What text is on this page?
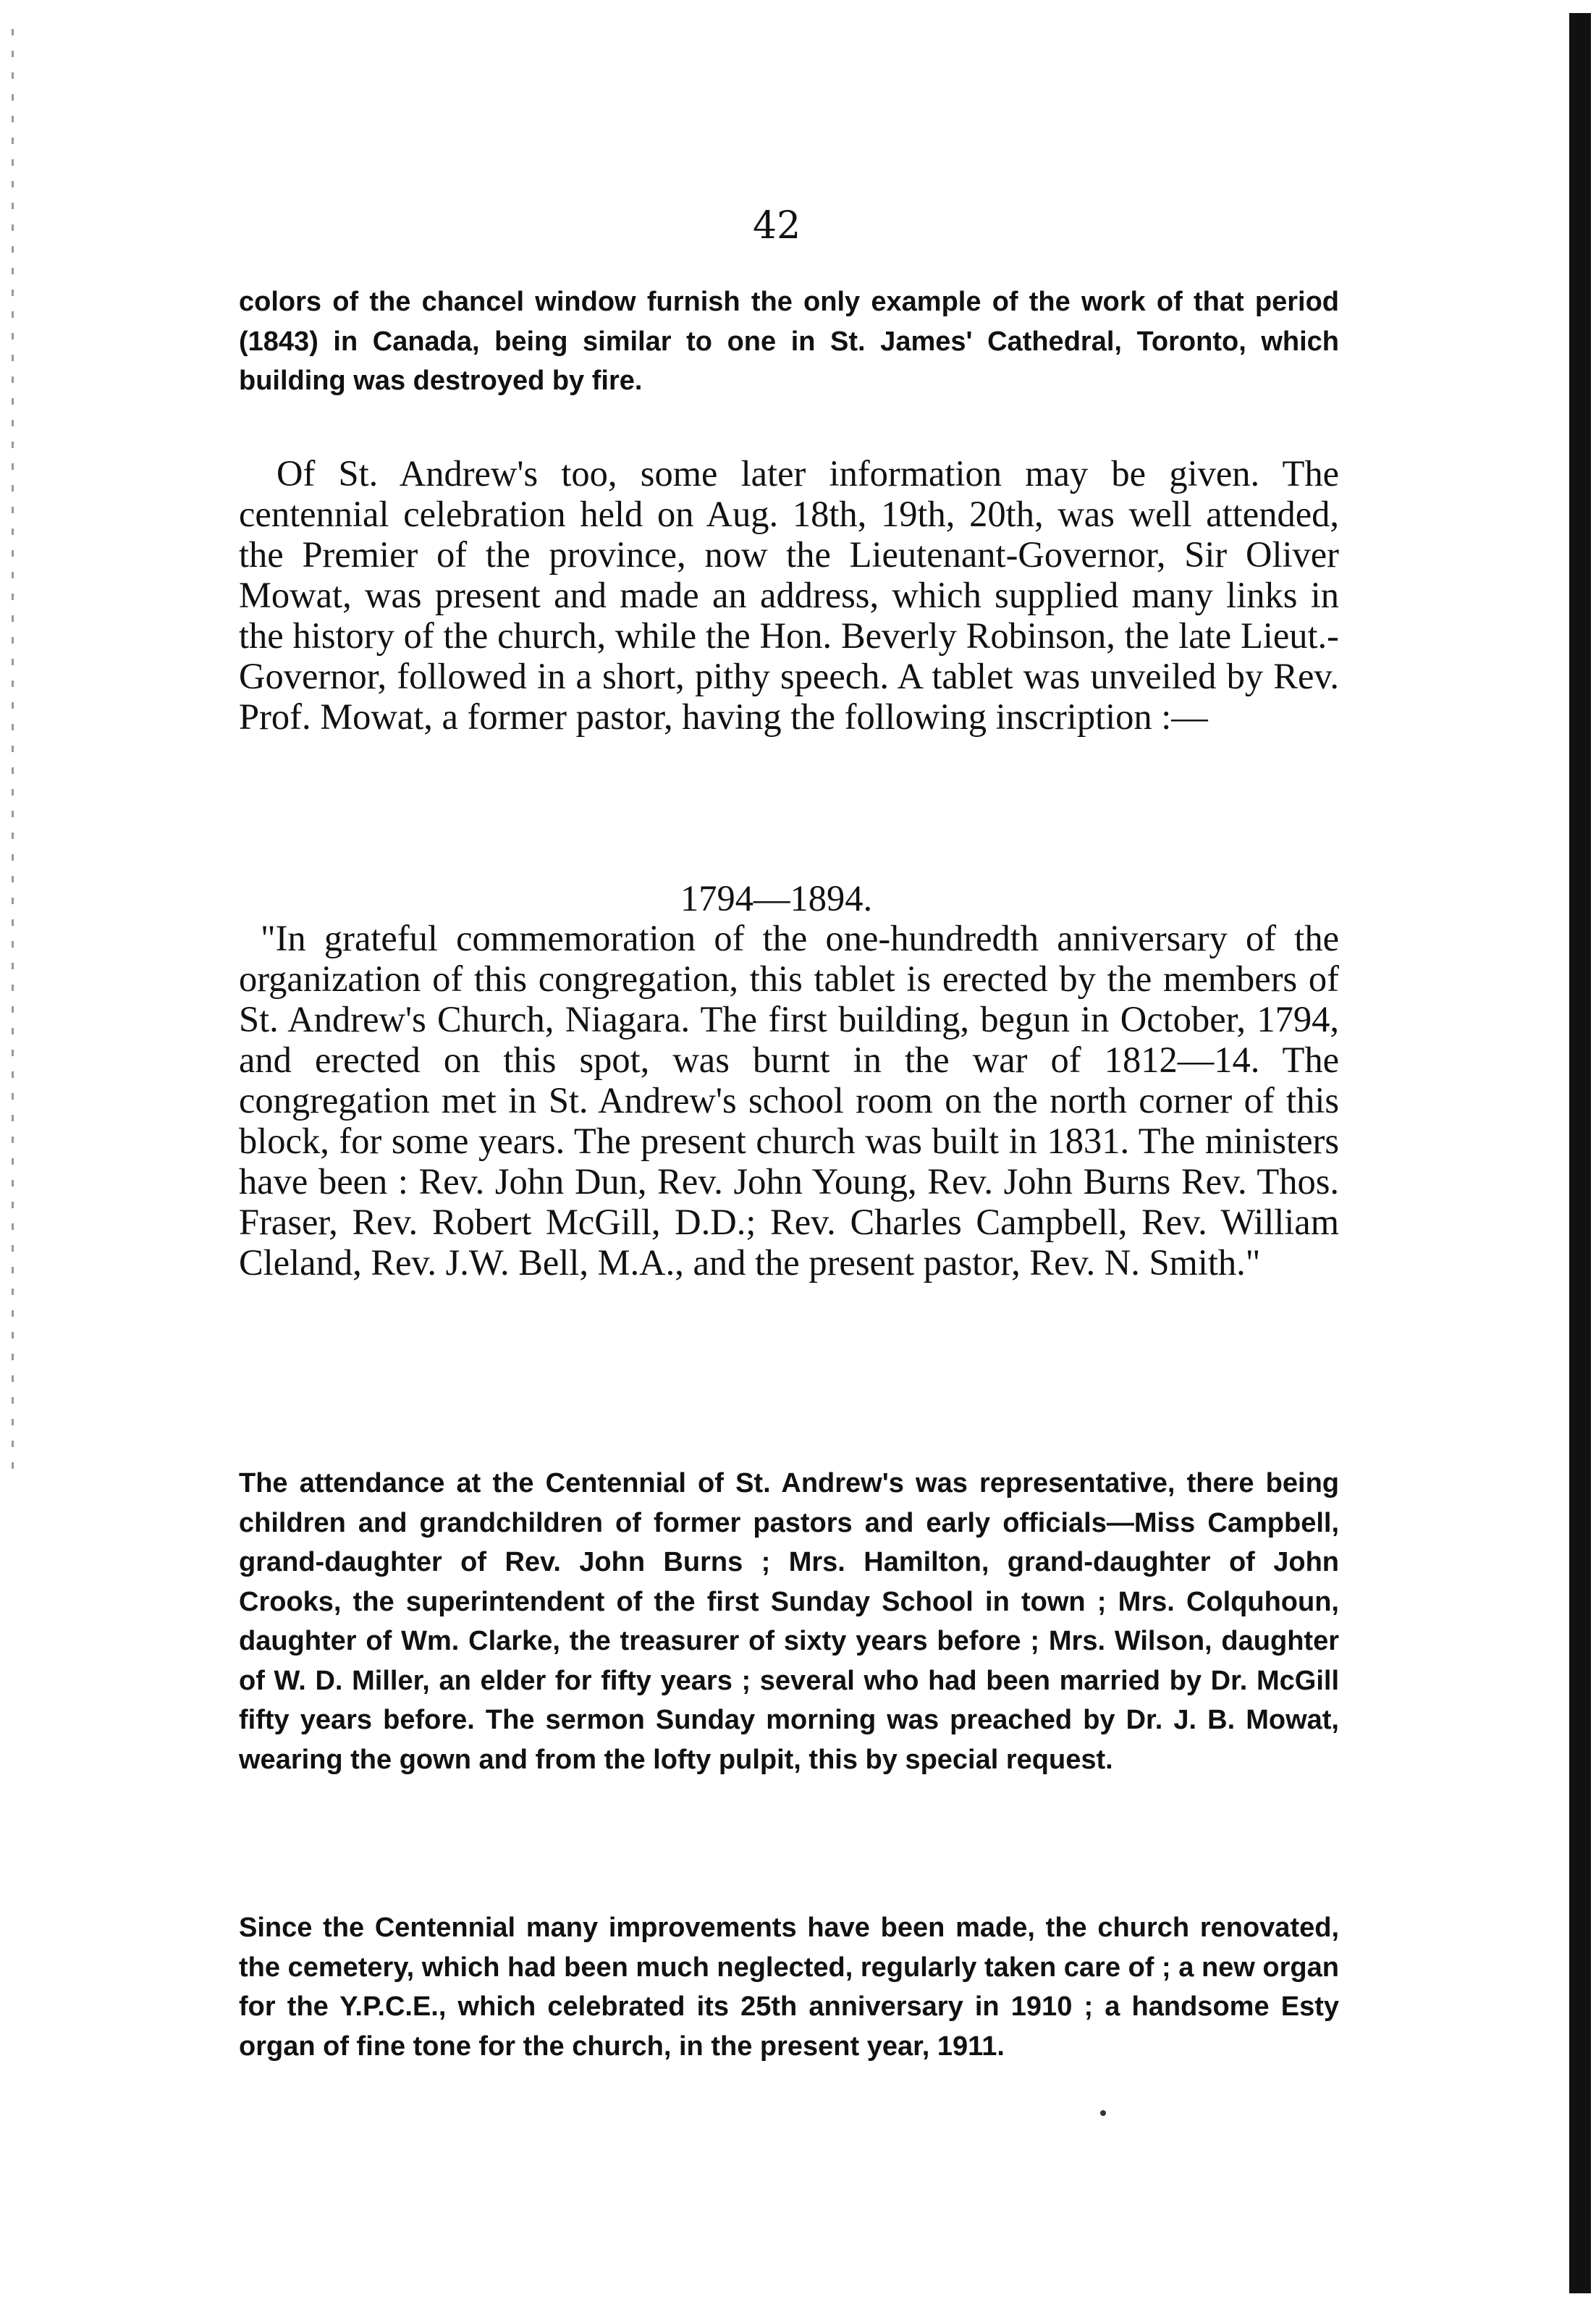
42

colors of the chancel window furnish the only example of the work of that period (1843) in Canada, being similar to one in St. James' Cathedral, Toronto, which building was destroyed by fire.

Of St. Andrew's too, some later information may be given. The centennial celebration held on Aug. 18th, 19th, 20th, was well attended, the Premier of the province, now the Lieutenant-Governor, Sir Oliver Mowat, was present and made an address, which supplied many links in the history of the church, while the Hon. Beverly Robinson, the late Lieut.-Governor, followed in a short, pithy speech. A tablet was unveiled by Rev. Prof. Mowat, a former pastor, having the following inscription :—

1794—1894.

"In grateful commemoration of the one-hundredth anniversary of the organization of this congregation, this tablet is erected by the members of St. Andrew's Church, Niagara. The first building, begun in October, 1794, and erected on this spot, was burnt in the war of 1812—14. The congregation met in St. Andrew's school room on the north corner of this block, for some years. The present church was built in 1831. The ministers have been : Rev. John Dun, Rev. John Young, Rev. John Burns Rev. Thos. Fraser, Rev. Robert McGill, D.D.; Rev. Charles Campbell, Rev. William Cleland, Rev. J.W. Bell, M.A., and the present pastor, Rev. N. Smith."

The attendance at the Centennial of St. Andrew's was representative, there being children and grandchildren of former pastors and early officials—Miss Campbell, grand-daughter of Rev. John Burns ; Mrs. Hamilton, grand-daughter of John Crooks, the superintendent of the first Sunday School in town ; Mrs. Colquhoun, daughter of Wm. Clarke, the treasurer of sixty years before ; Mrs. Wilson, daughter of W. D. Miller, an elder for fifty years ; several who had been married by Dr. McGill fifty years before. The sermon Sunday morning was preached by Dr. J. B. Mowat, wearing the gown and from the lofty pulpit, this by special request.

Since the Centennial many improvements have been made, the church renovated, the cemetery, which had been much neglected, regularly taken care of ; a new organ for the Y.P.C.E., which celebrated its 25th anniversary in 1910 ; a handsome Esty organ of fine tone for the church, in the present year, 1911.
